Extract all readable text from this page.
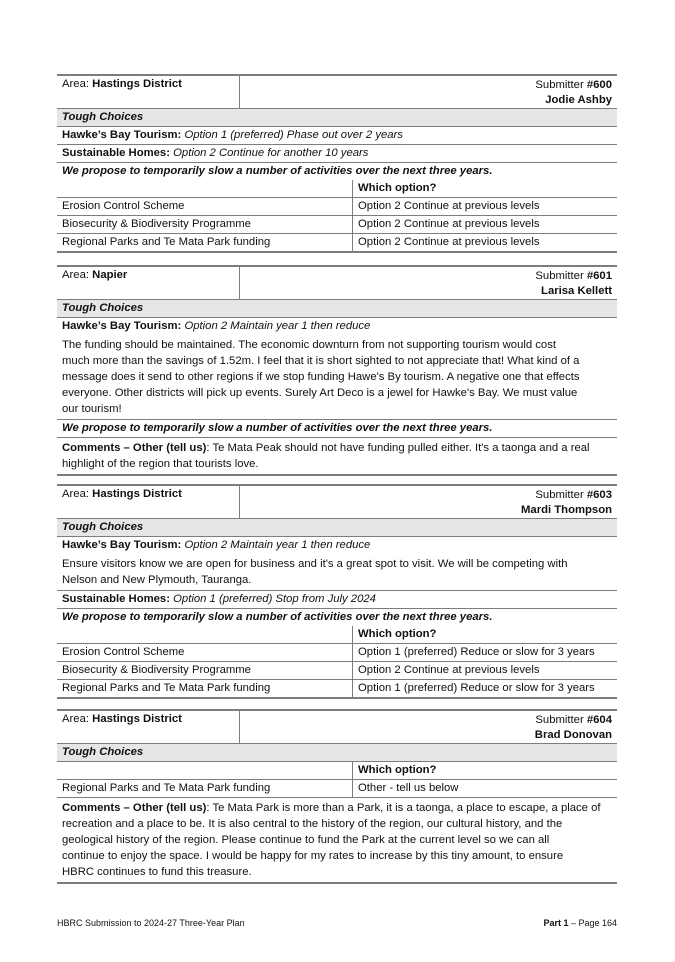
Area: Hastings District	Submitter #600
Jodie Ashby
Tough Choices
Hawke’s Bay Tourism: Option 1 (preferred) Phase out over 2 years
Sustainable Homes: Option 2 Continue for another 10 years
We propose to temporarily slow a number of activities over the next three years.
Which option?
Erosion Control Scheme	Option 2 Continue at previous levels
Biosecurity & Biodiversity Programme	Option 2 Continue at previous levels
Regional Parks and Te Mata Park funding	Option 2 Continue at previous levels
Area: Napier	Submitter #601
Larisa Kellett
Tough Choices
Hawke’s Bay Tourism: Option 2 Maintain year 1 then reduce
The funding should be maintained. The economic downturn from not supporting tourism would cost
much more than the savings of 1.52m. I feel that it is short sighted to not appreciate that! What kind of a
message does it send to other regions if we stop funding Hawe's By tourism. A negative one that effects
everyone. Other districts will pick up events. Surely Art Deco is a jewel for Hawke's Bay. We must value
our tourism!
We propose to temporarily slow a number of activities over the next three years.
Comments – Other (tell us): Te Mata Peak should not have funding pulled either. It's a taonga and a real
highlight of the region that tourists love.
Area: Hastings District	Submitter #603
Mardi Thompson
Tough Choices
Hawke’s Bay Tourism: Option 2 Maintain year 1 then reduce
Ensure visitors know we are open for business and it's a great spot to visit. We will be competing with
Nelson and New Plymouth, Tauranga.
Sustainable Homes: Option 1 (preferred) Stop from July 2024
We propose to temporarily slow a number of activities over the next three years.
Which option?
Erosion Control Scheme	Option 1 (preferred) Reduce or slow for 3 years
Biosecurity & Biodiversity Programme	Option 2 Continue at previous levels
Regional Parks and Te Mata Park funding	Option 1 (preferred) Reduce or slow for 3 years
Area: Hastings District	Submitter #604
Brad Donovan
Tough Choices
Which option?
Regional Parks and Te Mata Park funding	Other - tell us below
Comments – Other (tell us): Te Mata Park is more than a Park, it is a taonga, a place to escape, a place of
recreation and a place to be. It is also central to the history of the region, our cultural history, and the
geological history of the region. Please continue to fund the Park at the current level so we can all
continue to enjoy the space. I would be happy for my rates to increase by this tiny amount, to ensure
HBRC continues to fund this treasure.
HBRC Submission to 2024-27 Three-Year Plan	Part 1 – Page 164
